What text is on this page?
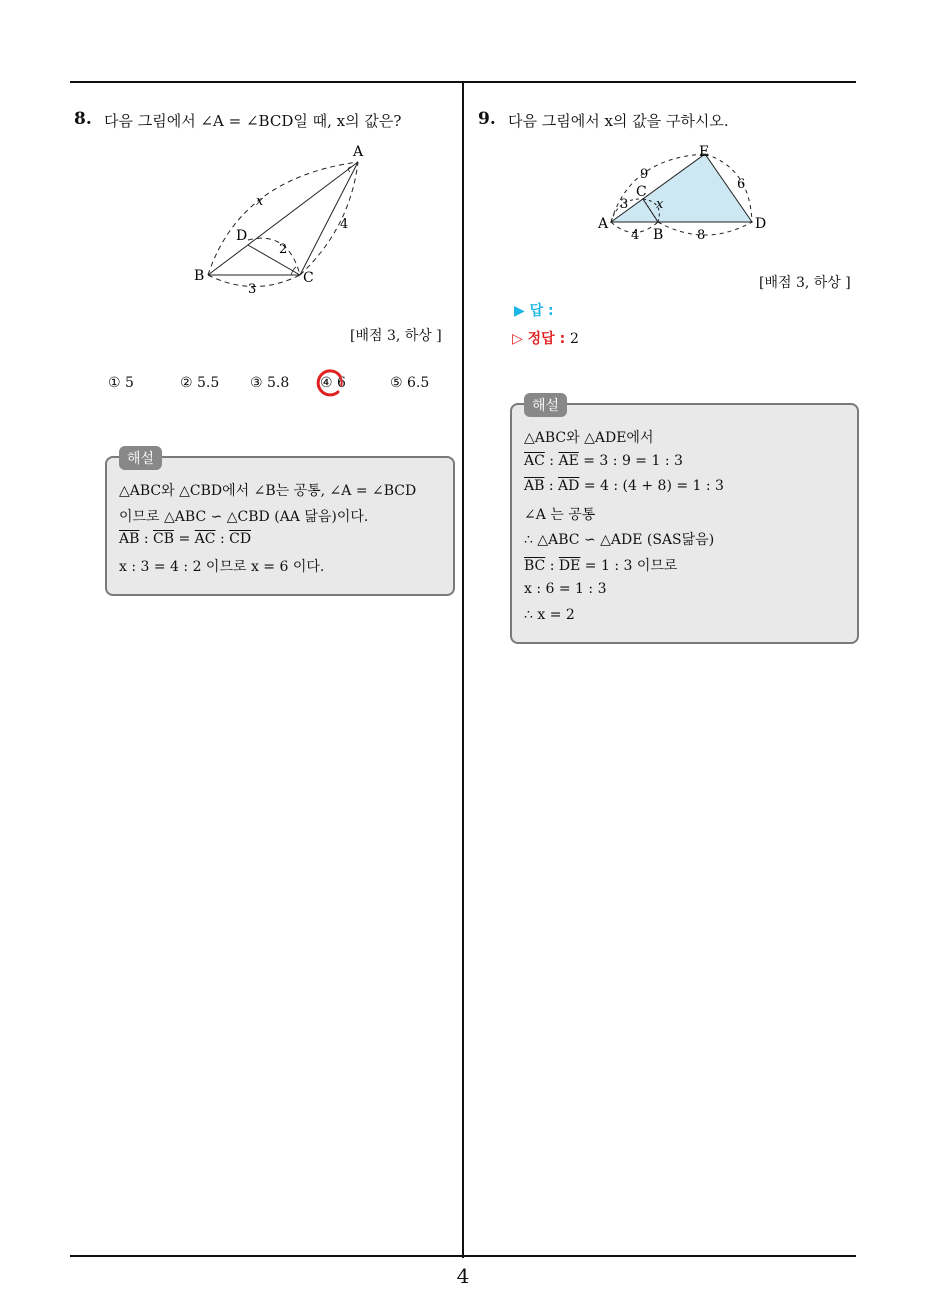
8. 다음 그림에서 ∠A = ∠BCD일 때, x의 값은?
A
B	C
D
x
4
2
3
[배점 3, 하상 ]
① 5	② 5.5 ③ 5.8 ④ 6	⑤ 6.5
해설
△ABC와 △CBD에서 ∠B는 공통, ∠A = ∠BCD
이므로 △ABC ∽ △CBD (AA 닮음)이다.
$\overline{AB}$ : $\overline{CB} = \overline{AC}$ : $\overline{CD}$
x : 3 = 4 : 2 이므로 x = 6 이다.
9. 다음 그림에서 x의 값을 구하시오.
E
A
B
C
D
x
3
4
9
6
8
[배점 3, 하상 ]
▶ 답 :
▷ 정답 : 2
해설
△ABC와 △ADE에서
$\overline{AC}$ : $\overline{AE} = 3$ : 9 = 1 : 3
$\overline{AB}$ : $\overline{AD} = 4$ : (4 + 8) = 1 : 3
∠A 는 공통
∴ △ABC ∽ △ADE (SAS닮음)
$\overline{BC}$ : $\overline{DE} = 1$ : 3 이므로
x : 6 = 1 : 3
∴ x = 2
4
